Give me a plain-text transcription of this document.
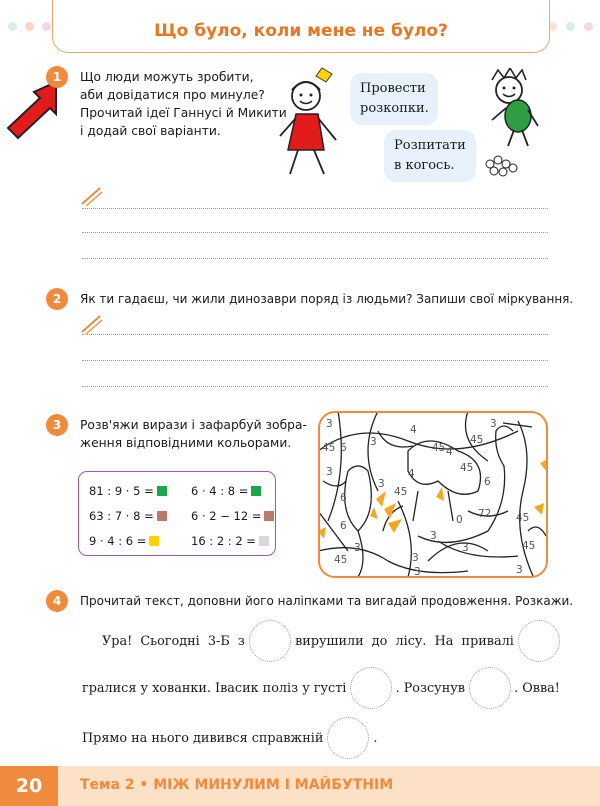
Що було, коли мене не було?
1	Що люди можуть зробити,
аби довідатися про минуле?
Прочитай ідеї Ганнусі й Микити
і додай свої варіанти.
Провести
розкопки.
Розпитати
в когось.
2	Як ти гадаєш, чи жили динозаври поряд із людьми? Запиши свої міркування.
3	Розв'яжи вирази і зафарбуй зобра-
ження відповідними кольорами.
81 : 9 · 5 =	6 · 4 : 8 =
63 : 7 · 8 =	6 · 2 − 12 =
9 · 4 : 6 =	16 : 2 : 2 =
3
45 6
4
45
3
3
3	45
4
6
4
45
3
6
3
0
45
3
6
72 45
3	45
3
3	3
45
4	Прочитай текст, доповни його наліпками та вигадай продовження. Розкажи.
Ура!  Сьогодні  3-Б  з	вирушили  до  лісу.  На  привалі
гралися у хованки. Івасик поліз у густі	. Розсунув	. Овва!
Прямо на нього дивився справжній	.
20	Тема 2 • МІЖ МИНУЛИМ І МАЙБУТНІМ
